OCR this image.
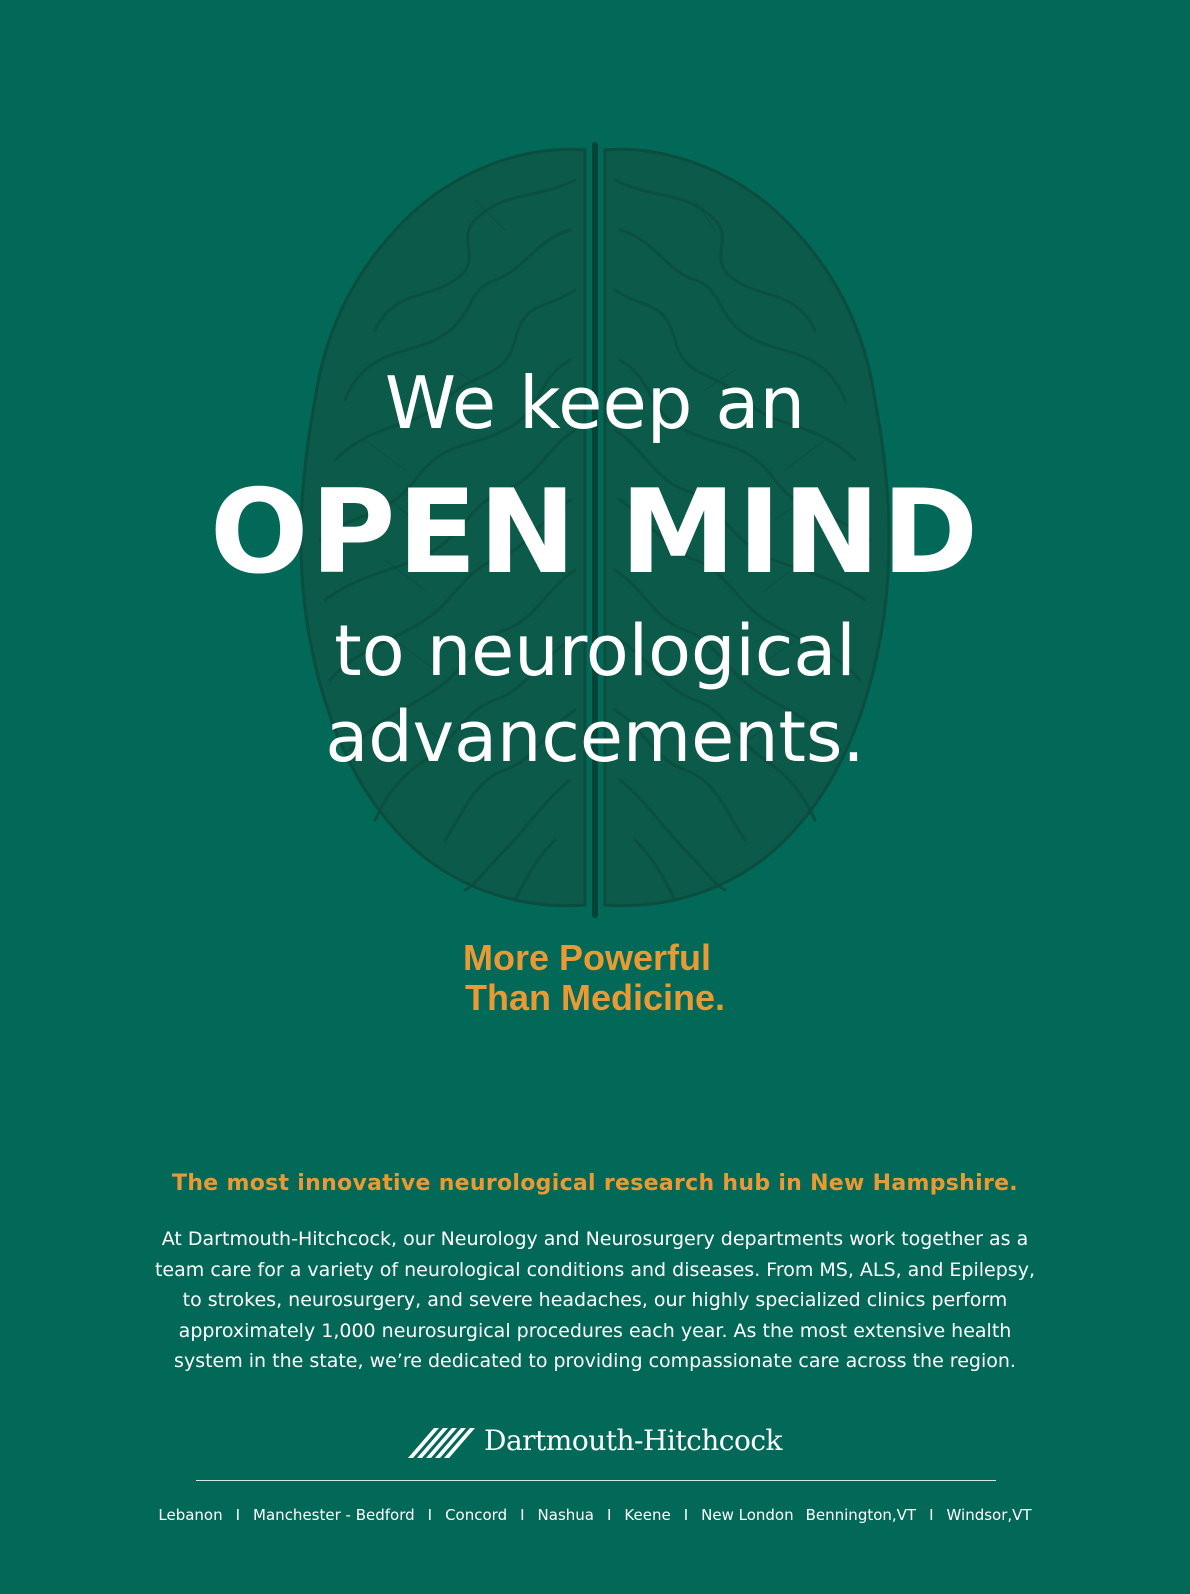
We keep an
OPEN MIND
to neurological
advancements.
More Powerful
Than Medicine.
The most innovative neurological research hub in New Hampshire.
At Dartmouth-Hitchcock, our Neurology and Neurosurgery departments work together as a
team care for a variety of neurological conditions and diseases. From MS, ALS, and Epilepsy,
to strokes, neurosurgery, and severe headaches, our highly specialized clinics perform
approximately 1,000 neurosurgical procedures each year. As the most extensive health
system in the state, we’re dedicated to providing compassionate care across the region.
Dartmouth-Hitchcock
Lebanon I Manchester - Bedford I Concord I Nashua I Keene I New London Bennington,VT I Windsor,VT
